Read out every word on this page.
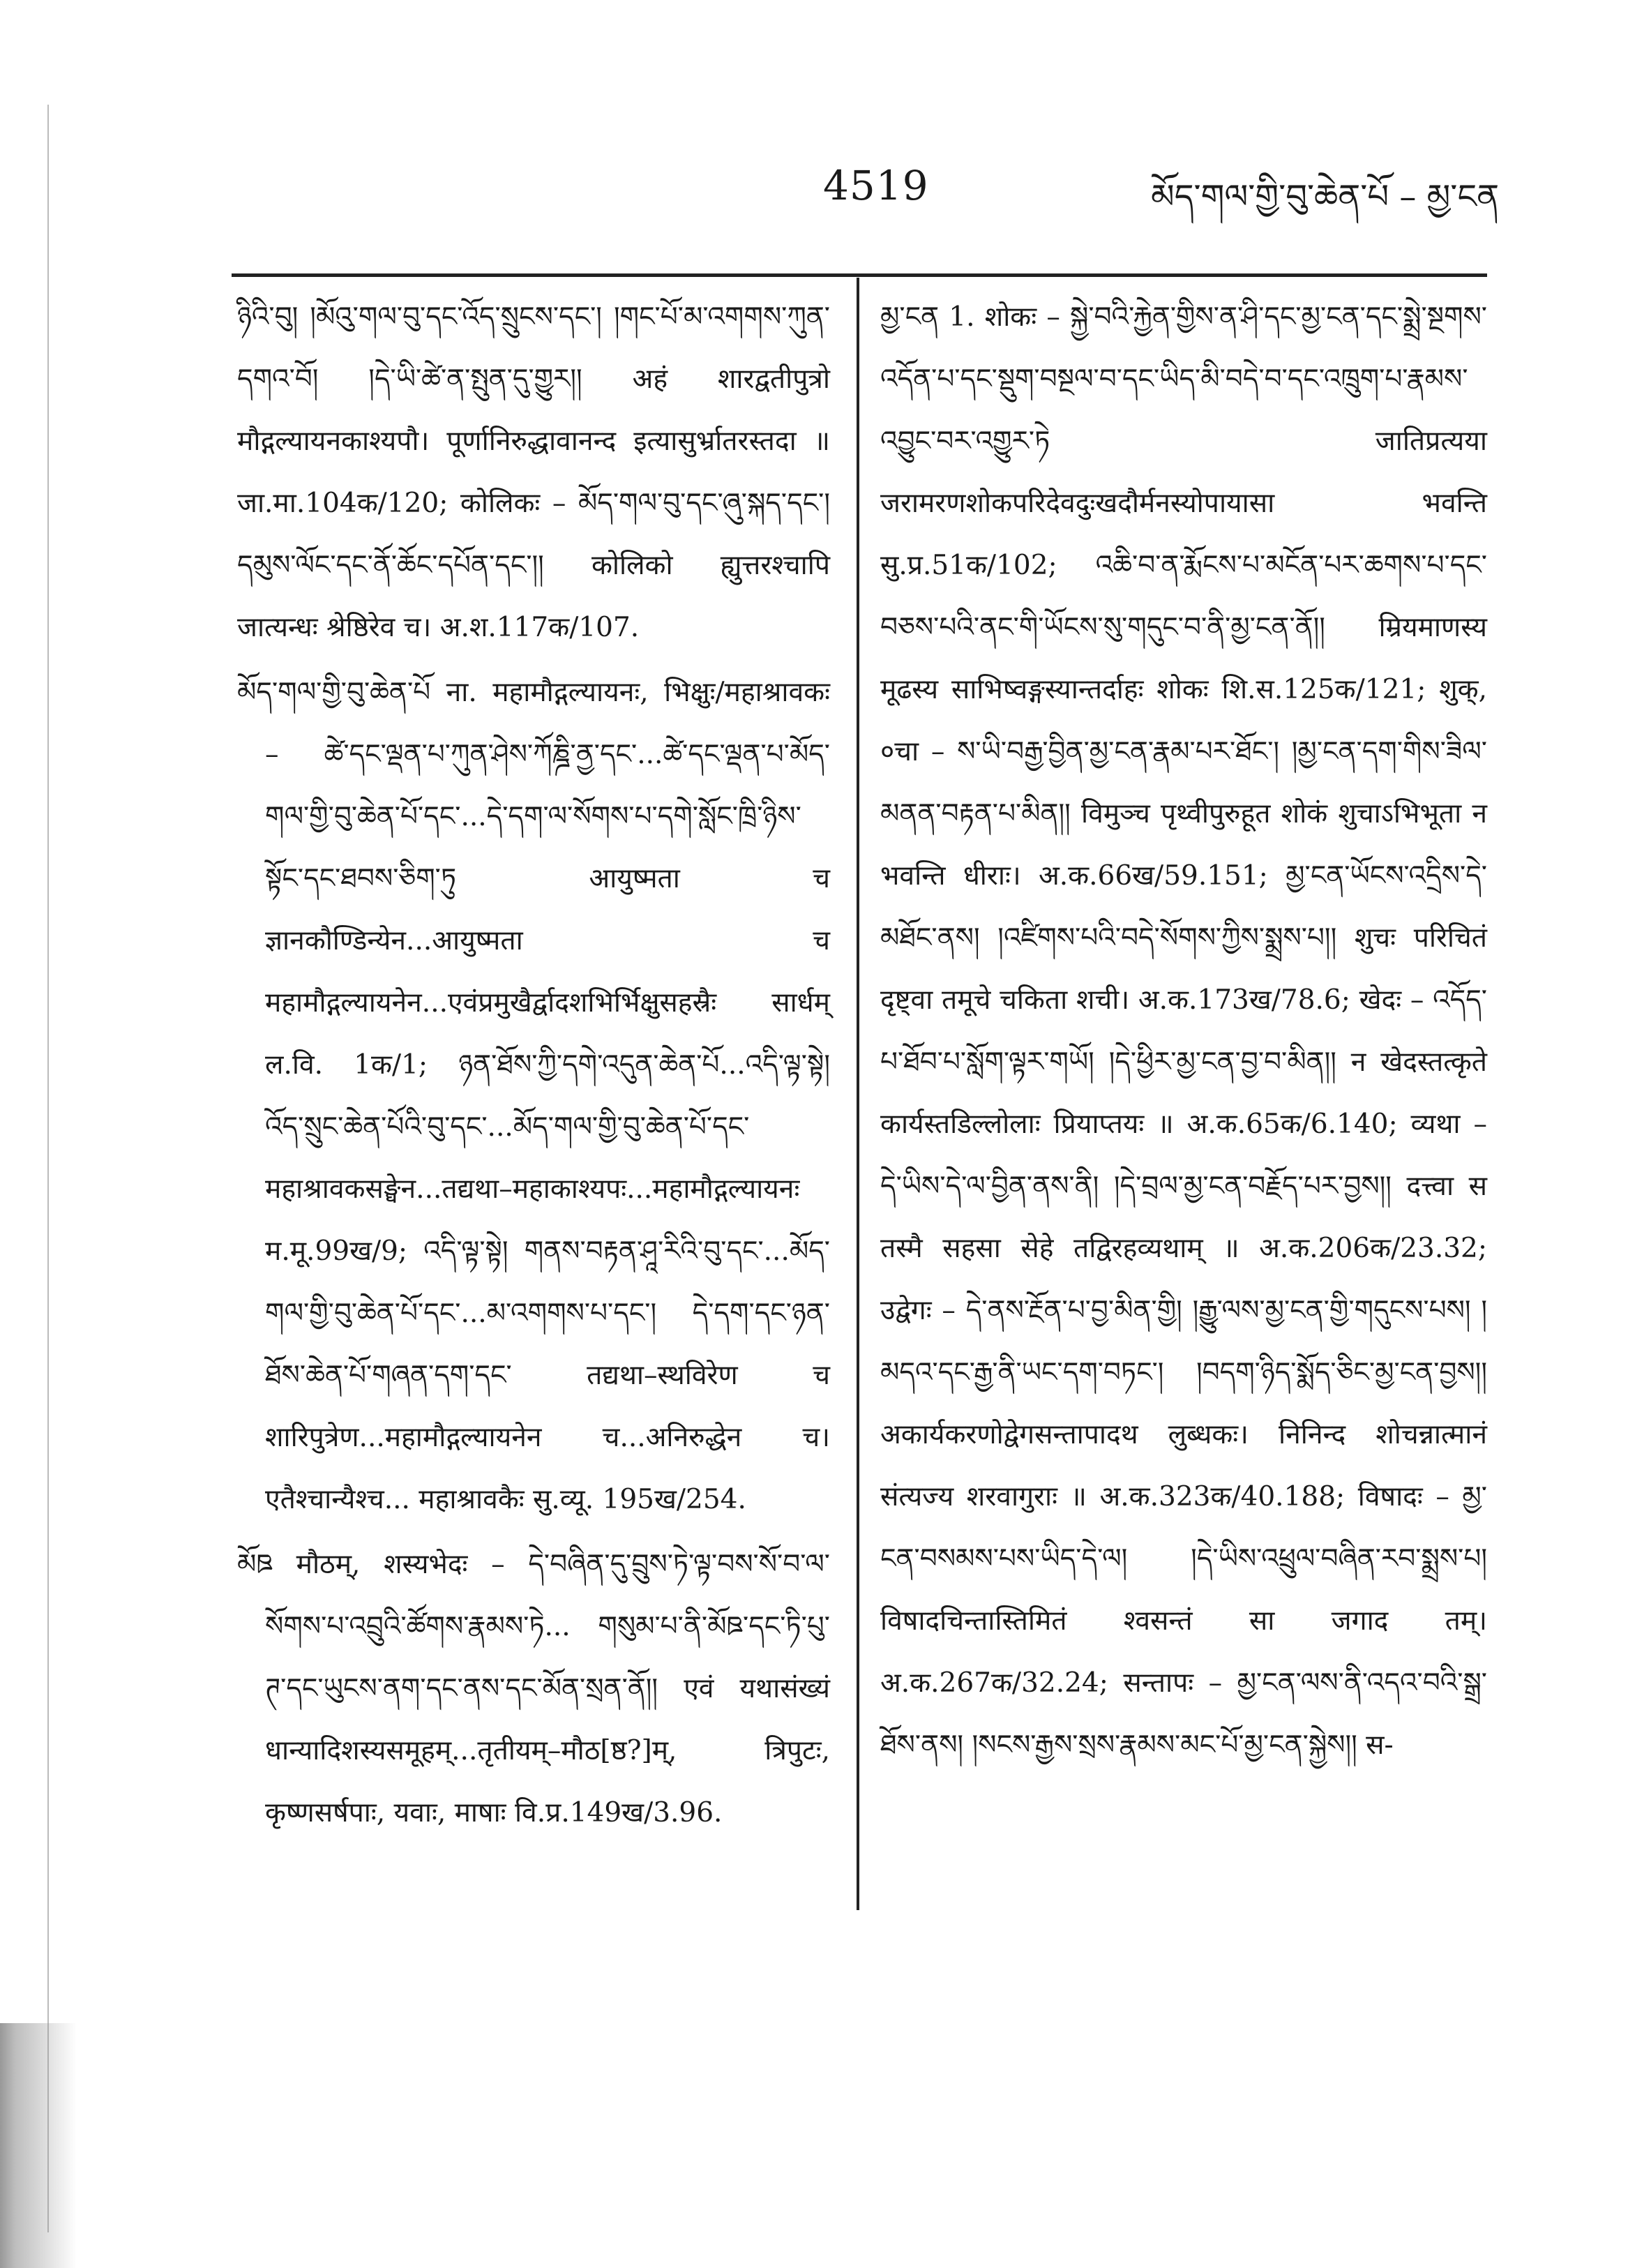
4519	མོད་གལ་གྱི་བུ་ཆེན་པོ – མྱ་ངན

ཉིའི་བུ། །མོའུ་གལ་བུ་དང་འོད་སྲུངས་དང་། །གང་པོ་མ་འགགས་ཀུན་དགའ་བོ། །དེ་ཡི་ཚེ་ན་སྤུན་དུ་གྱུར།། अहं शारद्वतीपुत्रो मौद्गल्यायनकाश्यपौ। पूर्णानिरुद्धावानन्द इत्यासुर्भ्रातरस्तदा ॥ जा.मा.104क/120; कोलिकः – མོད་གལ་བུ་དང་ཞུ་སྐད་དང་། དམུས་ལོང་དང་ནོ་ཆོང་དཔོན་དང་།། कोलिको ह्युत्तरश्चापि जात्यन्धः श्रेष्ठिरेव च। अ.श.117क/107.

མོད་གལ་གྱི་བུ་ཆེན་པོ ना. महामौद्गल्यायनः, भिक्षुः/महाश्रावकः – ཚེ་དང་ལྡན་པ་ཀུན་ཤེས་ཀོཎྜི་ནྱ་དང་...ཚེ་དང་ལྡན་པ་མོད་གལ་གྱི་བུ་ཆེན་པོ་དང་...དེ་དག་ལ་སོགས་པ་དགེ་སློང་ཁྲི་ཉིས་སྟོང་དང་ཐབས་ཅིག་ཏུ आयुष्मता च ज्ञानकौण्डिन्येन...आयुष्मता च महामौद्गल्यायनेन...एवंप्रमुखैर्द्वादशभिर्भिक्षुसहस्रैः सार्धम् ल.वि. 1क/1; ཉན་ཐོས་ཀྱི་དགེ་འདུན་ཆེན་པོ...འདི་ལྟ་སྟེ། འོད་སྲུང་ཆེན་པོའི་བུ་དང་...མོད་གལ་གྱི་བུ་ཆེན་པོ་དང་ महाश्रावकसङ्घेन...तद्यथा–महाकाश्यपः...महामौद्गल्यायनः म.मू.99ख/9; འདི་ལྟ་སྟེ། གནས་བརྟན་ཤཱ་རིའི་བུ་དང་...མོད་གལ་གྱི་བུ་ཆེན་པོ་དང་...མ་འགགས་པ་དང་། དེ་དག་དང་ཉན་ཐོས་ཆེན་པོ་གཞན་དག་དང་ तद्यथा–स्थविरेण च शारिपुत्रेण...महामौद्गल्यायनेन च...अनिरुद्धेन च। एतैश्चान्यैश्च... महाश्रावकैः सु.व्यू. 195ख/254.

མོཋ मौठम्, शस्यभेदः – དེ་བཞིན་དུ་བྲུས་ཏེ་ལྟ་བས་སོ་བ་ལ་སོགས་པ་འབྲུའི་ཚོགས་རྣམས་ཏེ... གསུམ་པ་ནི་མོཋ་དང་ཏི་པུ་ཊ་དང་ཡུངས་ནག་དང་ནས་དང་མོན་སྲན་ནོ།། एवं यथासंख्यं धान्यादिशस्यसमूहम्...तृतीयम्–मौठ[ष्ठ?]म्, त्रिपुटः, कृष्णसर्षपाः, यवाः, माषाः वि.प्र.149ख/3.96.

མྱ་ངན 1. शोकः – སྐྱེ་བའི་རྐྱེན་གྱིས་ན་ཤི་དང་མྱ་ངན་དང་སྨྲེ་སྔགས་འདོན་པ་དང་སྡུག་བསྔལ་བ་དང་ཡིད་མི་བདེ་བ་དང་འཁྲུག་པ་རྣམས་འབྱུང་བར་འགྱུར་ཏེ जातिप्रत्यया जरामरणशोकपरिदेवदुःखदौर्मनस्योपायासा भवन्ति सु.प्र.51क/102; འཆི་བ་ན་རྨོངས་པ་མངོན་པར་ཆགས་པ་དང་བཅས་པའི་ནང་གི་ཡོངས་སུ་གདུང་བ་ནི་མྱ་ངན་ནོ།། म्रियमाणस्य मूढस्य साभिष्वङ्गस्यान्तर्दाहः शोकः शि.स.125क/121; शुक्, ०चा – ས་ཡི་བརྒྱ་བྱིན་མྱ་ངན་རྣམ་པར་ཐོང་། །མྱ་ངན་དག་གིས་ཟིལ་མནན་བརྟན་པ་མིན།། विमुञ्च पृथ्वीपुरुहूत शोकं शुचाऽभिभूता न भवन्ति धीराः। अ.क.66ख/59.151; མྱ་ངན་ཡོངས་འདྲིས་དེ་མཐོང་ནས། །འཛིགས་པའི་བདེ་སོགས་ཀྱིས་སྨྲས་པ།། शुचः परिचितं दृष्ट्वा तमूचे चकिता शची। अ.क.173ख/78.6; खेदः – འདོད་པ་ཐོབ་པ་སློག་ལྟར་གཡོ། །དེ་ཕྱིར་མྱ་ངན་བྱ་བ་མིན།། न खेदस्तत्कृते कार्यस्तडिल्लोलाः प्रियाप्तयः ॥ अ.क.65क/6.140; व्यथा – དེ་ཡིས་དེ་ལ་བྱིན་ནས་ནི། །དེ་བྲལ་མྱ་ངན་བརྗོད་པར་བྱས།། दत्त्वा स तस्मै सहसा सेहे तद्विरहव्यथाम् ॥ अ.क.206क/23.32; उद्वेगः – དེ་ནས་རྔོན་པ་བྱ་མིན་གྱི། །རྒྱུ་ལས་མྱ་ངན་གྱི་གདུངས་པས། །མདའ་དང་རྒྱ་ནི་ཡང་དག་བཏང་། །བདག་ཉིད་སྨོད་ཅིང་མྱ་ངན་བྱས།། अकार्यकरणोद्वेगसन्तापादथ लुब्धकः। निनिन्द शोचन्नात्मानं संत्यज्य शरवागुराः ॥ अ.क.323क/40.188; विषादः – མྱ་ངན་བསམས་པས་ཡིད་དེ་ལ། །དེ་ཡིས་འཕྲུལ་བཞིན་རབ་སྨྲས་པ། विषादचिन्तास्तिमितं श्वसन्तं सा जगाद तम्। अ.क.267क/32.24; सन्तापः – མྱ་ངན་ལས་ནི་འདའ་བའི་སྒྲ་ཐོས་ནས། །སངས་རྒྱས་སྲས་རྣམས་མང་པོ་མྱ་ངན་སྐྱེས།། स-
